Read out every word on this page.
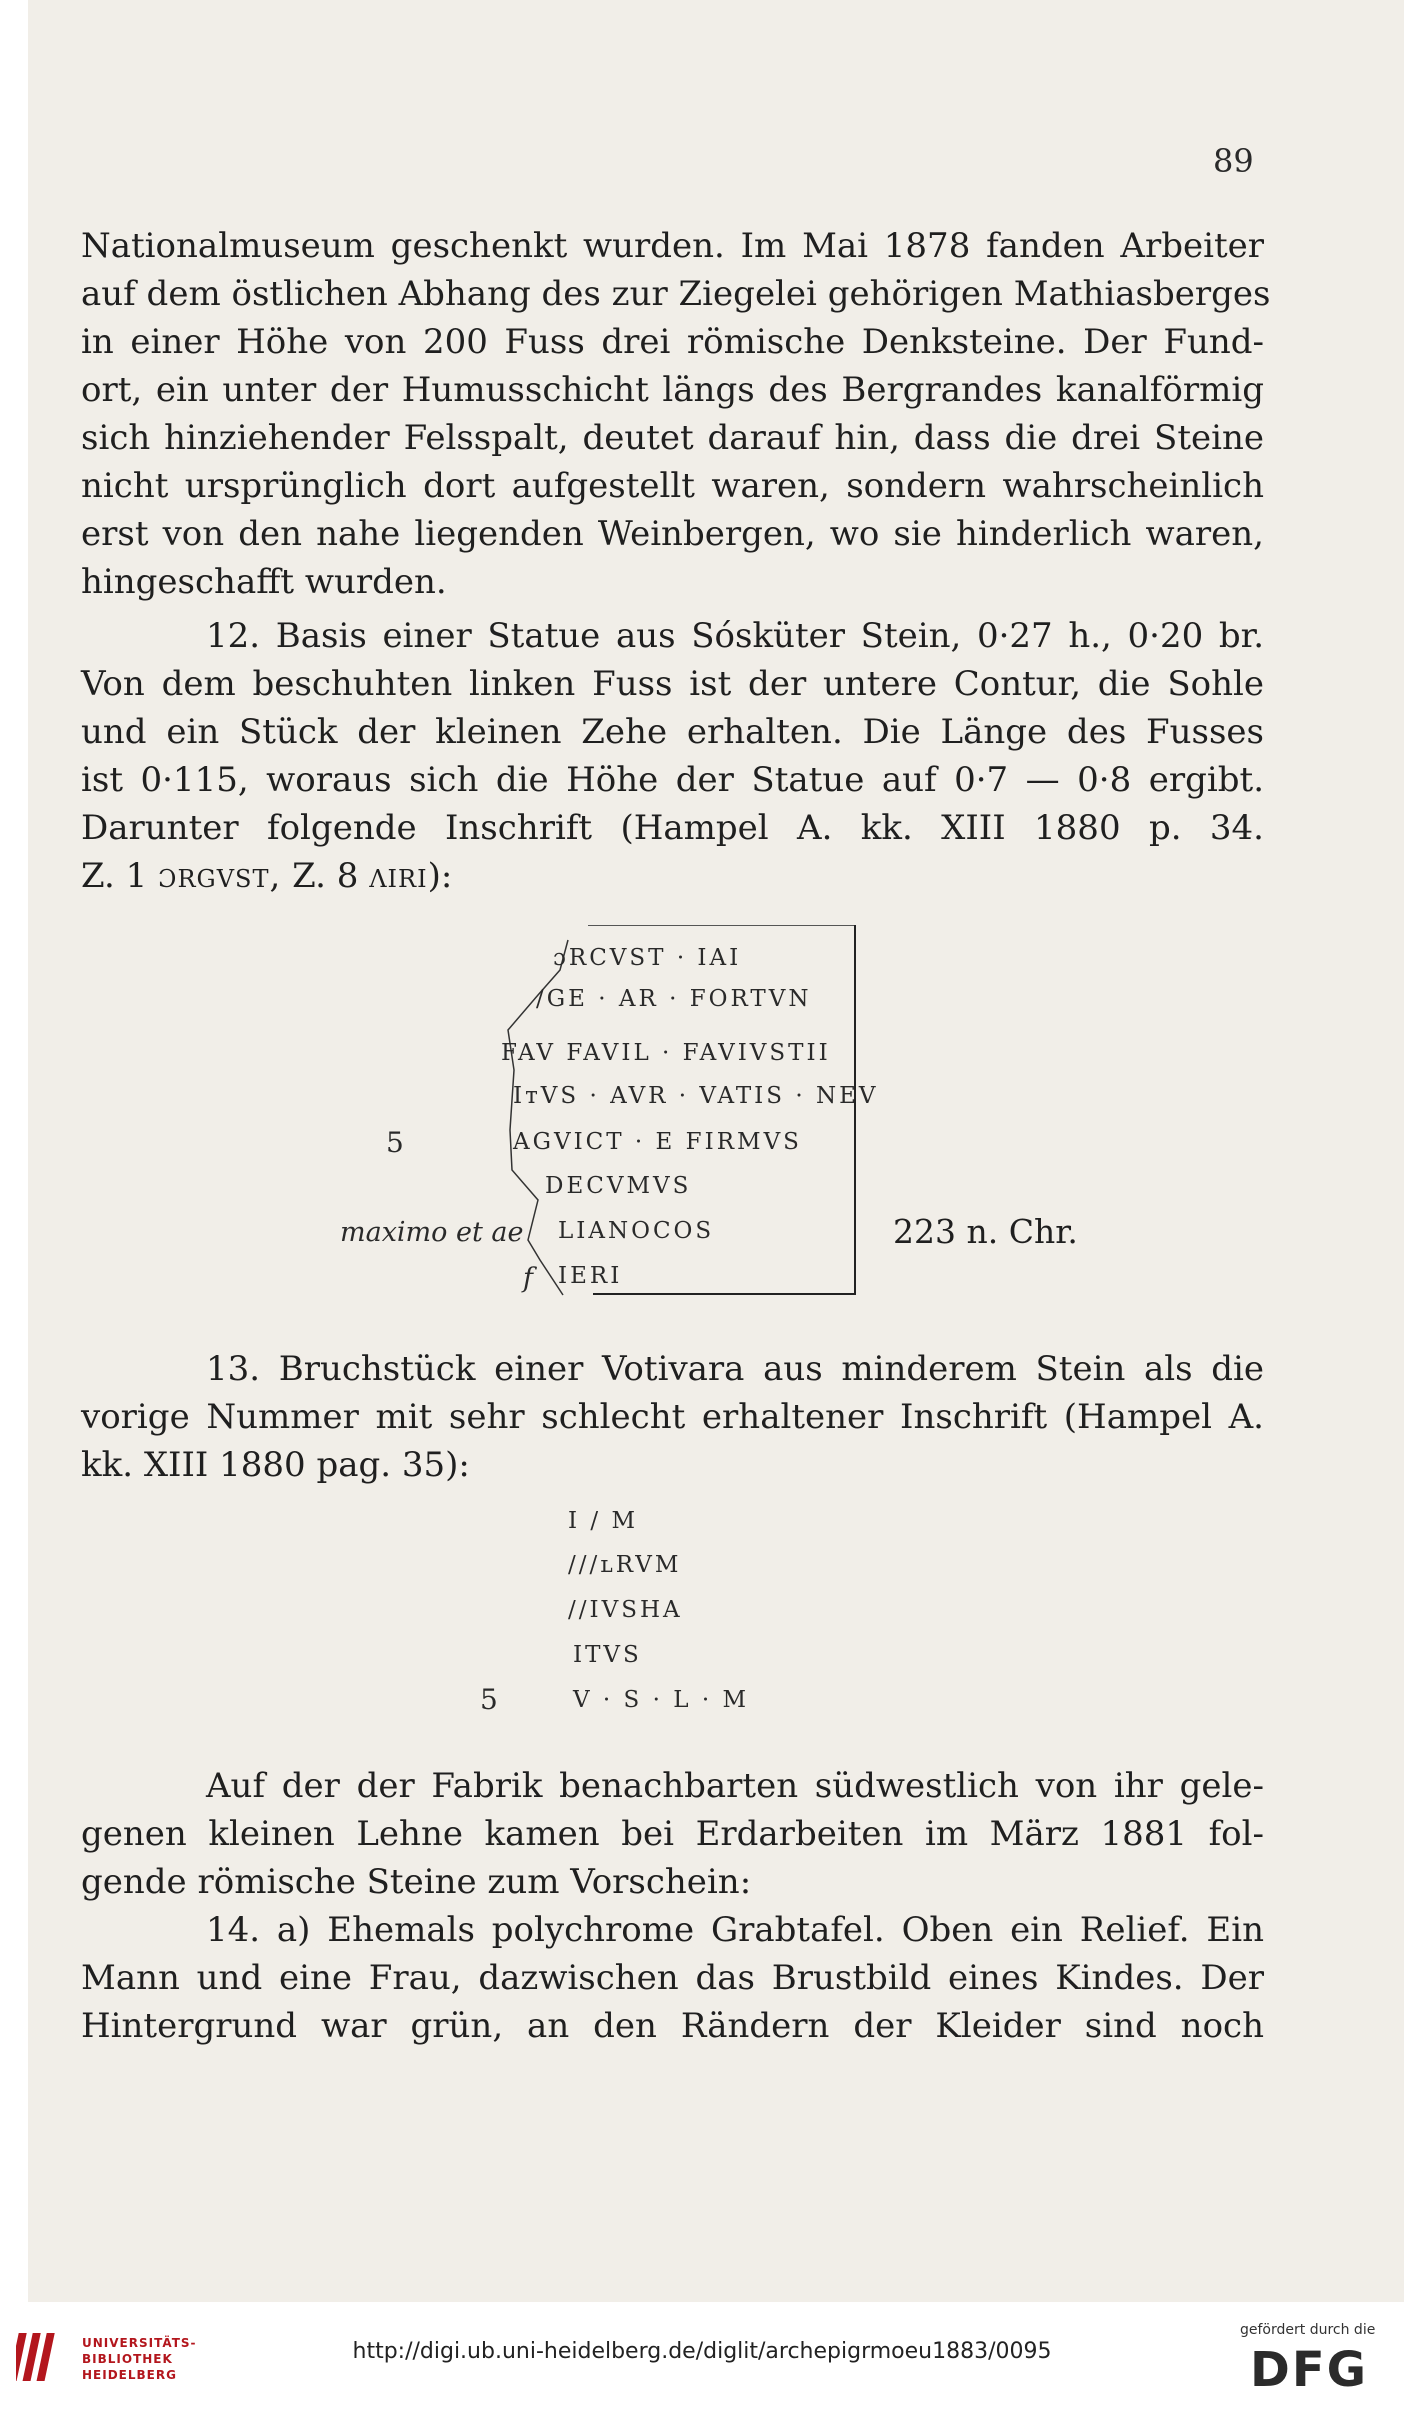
89
Nationalmuseum geschenkt wurden. Im Mai 1878 fanden Arbeiter
auf dem östlichen Abhang des zur Ziegelei gehörigen Mathiasberges
in einer Höhe von 200 Fuss drei römische Denksteine. Der Fund-
ort, ein unter der Humusschicht längs des Bergrandes kanalförmig
sich hinziehender Felsspalt, deutet darauf hin, dass die drei Steine
nicht ursprünglich dort aufgestellt waren, sondern wahrscheinlich
erst von den nahe liegenden Weinbergen, wo sie hinderlich waren,
hingeschafft wurden.
12. Basis einer Statue aus Sósküter Stein, 0·27 h., 0·20 br.
Von dem beschuhten linken Fuss ist der untere Contur, die Sohle
und ein Stück der kleinen Zehe erhalten. Die Länge des Fusses
ist 0·115, woraus sich die Höhe der Statue auf 0·7 — 0·8 ergibt.
Darunter folgende Inschrift (Hampel A. kk. XIII 1880 p. 34.
Z. 1 ɔrgvst, Z. 8 ʌiri):
ɔRCVST · IAI
/GE · AR · FORTVN
FAV FAVIL · FAVIVSTII
IᴛVS · AVR · VATIS · NEV
5	AGVICT · E FIRMVS
DECVMVS
maximo et ae LIANOCOS	223 n. Chr.
f IERI
13. Bruchstück einer Votivara aus minderem Stein als die
vorige Nummer mit sehr schlecht erhaltener Inschrift (Hampel A.
kk. XIII 1880 pag. 35):
I / M
///ʟRVM
//IVSHA
ITVS
5	V · S · L · M
Auf der der Fabrik benachbarten südwestlich von ihr gele-
genen kleinen Lehne kamen bei Erdarbeiten im März 1881 fol-
gende römische Steine zum Vorschein:
14. a) Ehemals polychrome Grabtafel. Oben ein Relief. Ein
Mann und eine Frau, dazwischen das Brustbild eines Kindes. Der
Hintergrund war grün, an den Rändern der Kleider sind noch
UNIVERSITÄTS-
BIBLIOTHEK
HEIDELBERG
http://digi.ub.uni-heidelberg.de/diglit/archepigrmoeu1883/0095
gefördert durch die
DFG
